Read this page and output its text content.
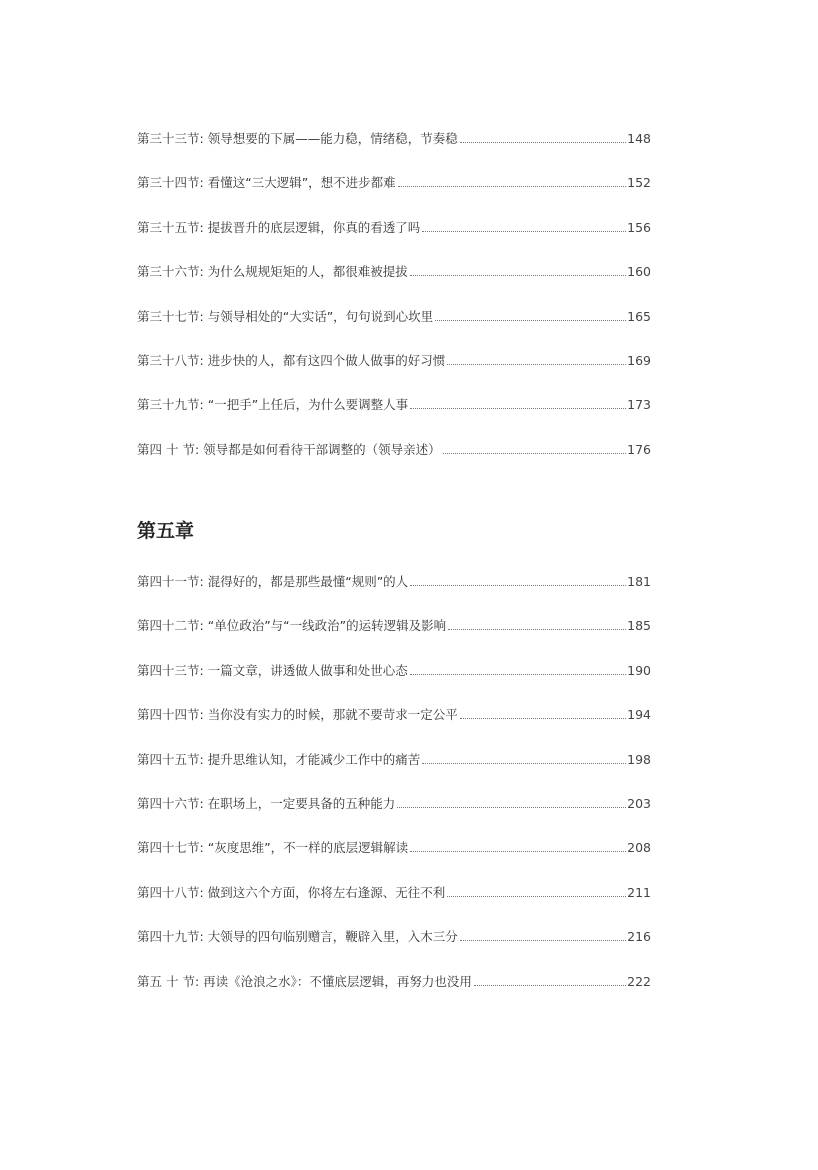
第三十三节 : 领导想要的下属——能力稳，情绪稳，节奏稳	148
第三十四节 : 看懂这“三大逻辑”，想不进步都难	152
第三十五节 : 提拔晋升的底层逻辑，你真的看透了吗	156
第三十六节 : 为什么规规矩矩的人，都很难被提拔	160
第三十七节 : 与领导相处的“大实话”，句句说到心坎里	165
第三十八节 : 进步快的人，都有这四个做人做事的好习惯	169
第三十九节 : “一把手”上任后，为什么要调整人事	173
第四 十 节 : 领导都是如何看待干部调整的（领导亲述）	176
第五章
第四十一节 : 混得好的，都是那些最懂“规则”的人	181
第四十二节 : “单位政治”与“一线政治”的运转逻辑及影响	185
第四十三节 : 一篇文章，讲透做人做事和处世心态	190
第四十四节 : 当你没有实力的时候，那就不要苛求一定公平	194
第四十五节 : 提升思维认知，才能减少工作中的痛苦	198
第四十六节 : 在职场上，一定要具备的五种能力	203
第四十七节 : “灰度思维”，不一样的底层逻辑解读	208
第四十八节 : 做到这六个方面，你将左右逢源、无往不利	211
第四十九节 : 大领导的四句临别赠言，鞭辟入里，入木三分	216
第五 十 节 : 再读《沧浪之水》：不懂底层逻辑，再努力也没用	222
